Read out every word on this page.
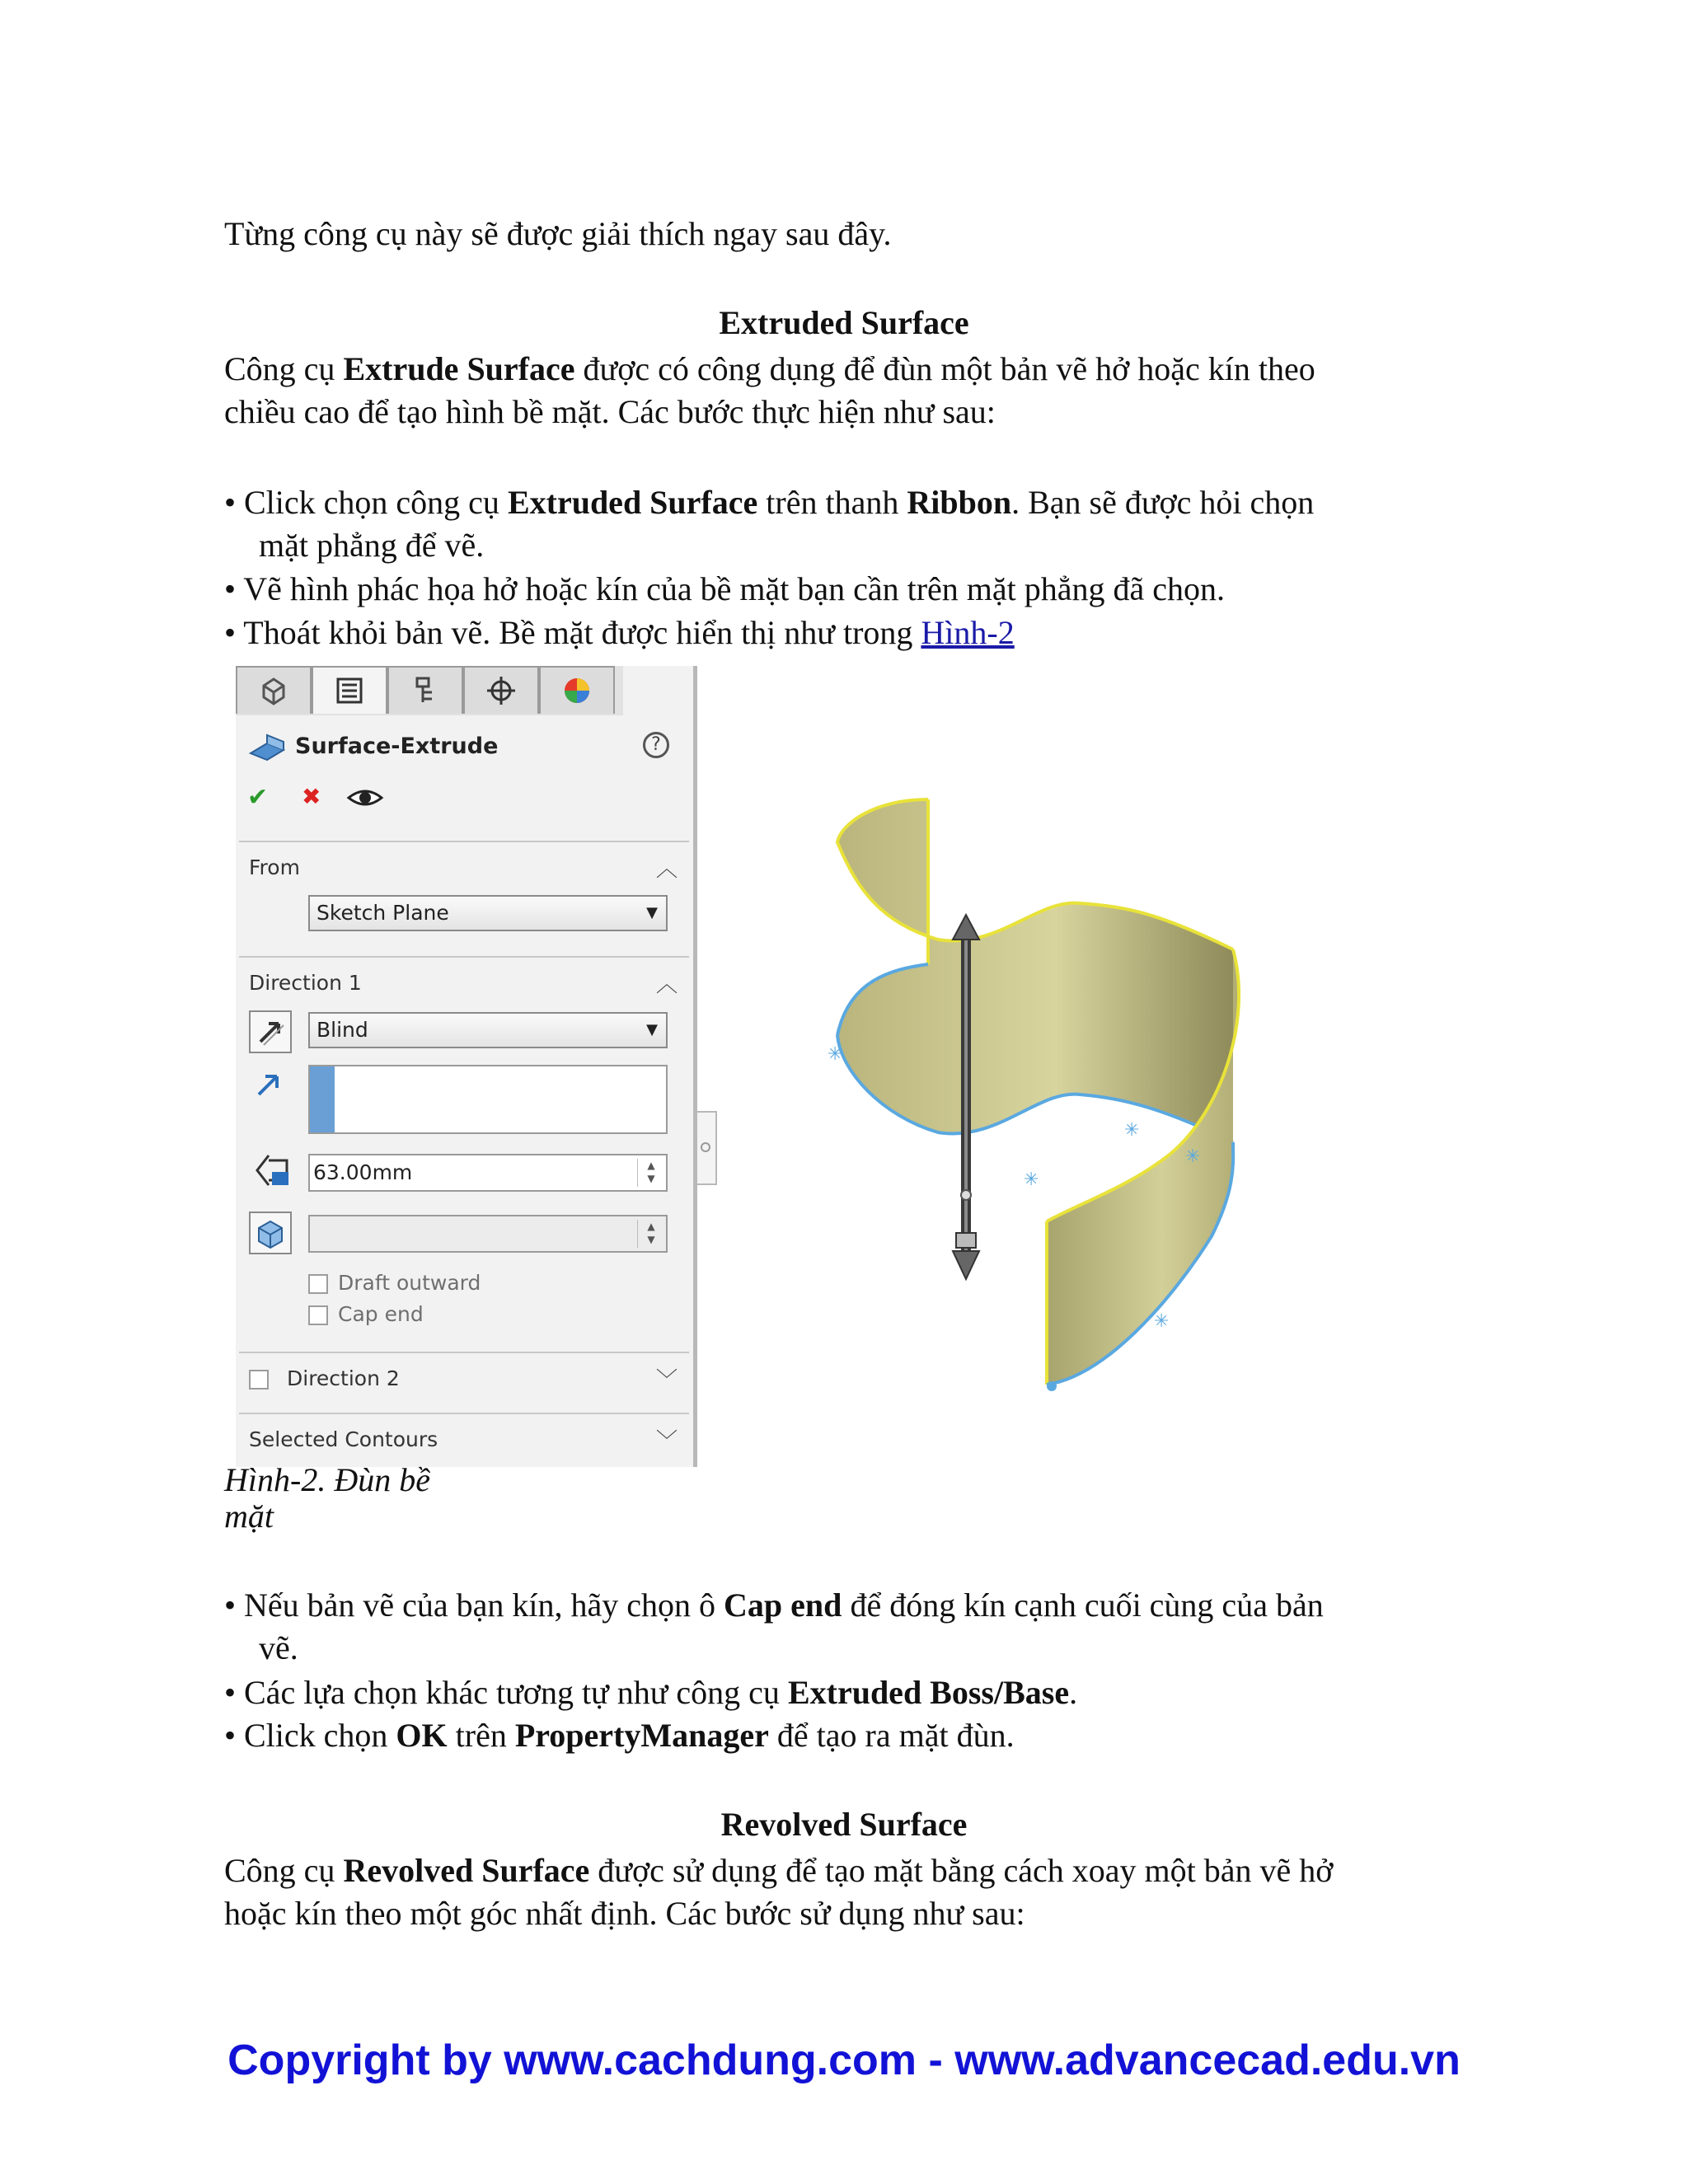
Từng công cụ này sẽ được giải thích ngay sau đây.
Extruded Surface
Công cụ Extrude Surface được có công dụng để đùn một bản vẽ hở hoặc kín theo
chiều cao để tạo hình bề mặt. Các bước thực hiện như sau:
• Click chọn công cụ Extruded Surface trên thanh Ribbon. Bạn sẽ được hỏi chọn
mặt phẳng để vẽ.
• Vẽ hình phác họa hở hoặc kín của bề mặt bạn cần trên mặt phẳng đã chọn.
• Thoát khỏi bản vẽ. Bề mặt được hiển thị như trong Hình-2
Surface-Extrude	?
✔ ✖
From	︿
Sketch Plane	▼
Direction 1	︿
Blind	▼
63.00mm	▲
▼
▲
▼
Draft outward
Cap end
Direction 2	﹀
Selected Contours	﹀
✳
✳
✳
✳
✳
Hình-2. Đùn bề
mặt
• Nếu bản vẽ của bạn kín, hãy chọn ô Cap end để đóng kín cạnh cuối cùng của bản
vẽ.
• Các lựa chọn khác tương tự như công cụ Extruded Boss/Base.
• Click chọn OK trên PropertyManager để tạo ra mặt đùn.
Revolved Surface
Công cụ Revolved Surface được sử dụng để tạo mặt bằng cách xoay một bản vẽ hở
hoặc kín theo một góc nhất định. Các bước sử dụng như sau:
Copyright by www.cachdung.com - www.advancecad.edu.vn
